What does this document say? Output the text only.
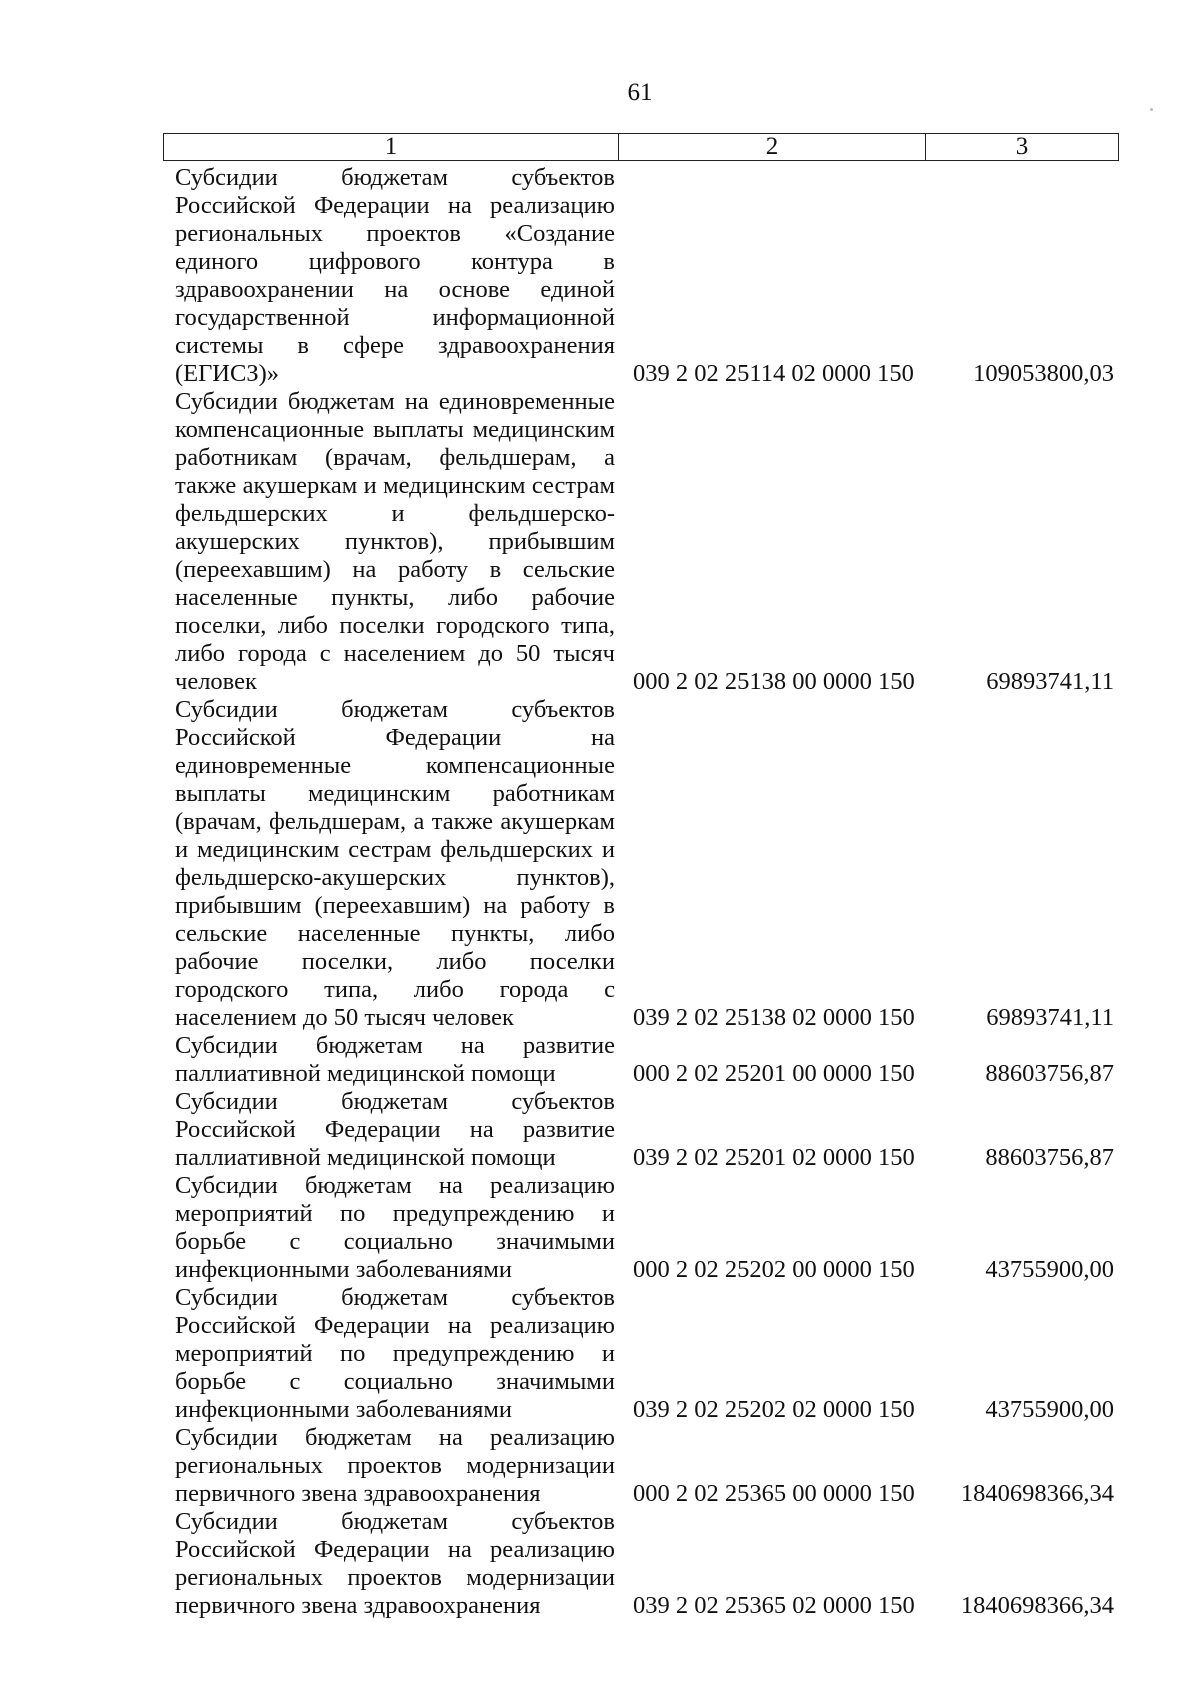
61
1	2	3
Субсидии бюджетам субъектов Российской Федерации на реализацию региональных проектов «Создание единого цифрового контура в здравоохранении на основе единой государственной информационной системы в сфере здравоохранения (ЕГИСЗ)»	039 2 02 25114 02 0000 150	109053800,03
Субсидии бюджетам на единовременные компенсационные выплаты медицинским работникам (врачам, фельдшерам, а также акушеркам и медицинским сестрам фельдшерских и фельдшерско-акушерских пунктов), прибывшим (переехавшим) на работу в сельские населенные пункты, либо рабочие поселки, либо поселки городского типа, либо города с населением до 50 тысяч человек	000 2 02 25138 00 0000 150	69893741,11
Субсидии бюджетам субъектов Российской Федерации на единовременные компенсационные выплаты медицинским работникам (врачам, фельдшерам, а также акушеркам и медицинским сестрам фельдшерских и фельдшерско-акушерских пунктов), прибывшим (переехавшим) на работу в сельские населенные пункты, либо рабочие поселки, либо поселки городского типа, либо города с населением до 50 тысяч человек	039 2 02 25138 02 0000 150	69893741,11
Субсидии бюджетам на развитие паллиативной медицинской помощи	000 2 02 25201 00 0000 150	88603756,87
Субсидии бюджетам субъектов Российской Федерации на развитие паллиативной медицинской помощи	039 2 02 25201 02 0000 150	88603756,87
Субсидии бюджетам на реализацию мероприятий по предупреждению и борьбе с социально значимыми инфекционными заболеваниями	000 2 02 25202 00 0000 150	43755900,00
Субсидии бюджетам субъектов Российской Федерации на реализацию мероприятий по предупреждению и борьбе с социально значимыми инфекционными заболеваниями	039 2 02 25202 02 0000 150	43755900,00
Субсидии бюджетам на реализацию региональных проектов модернизации первичного звена здравоохранения	000 2 02 25365 00 0000 150	1840698366,34
Субсидии бюджетам субъектов Российской Федерации на реализацию региональных проектов модернизации первичного звена здравоохранения	039 2 02 25365 02 0000 150	1840698366,34
